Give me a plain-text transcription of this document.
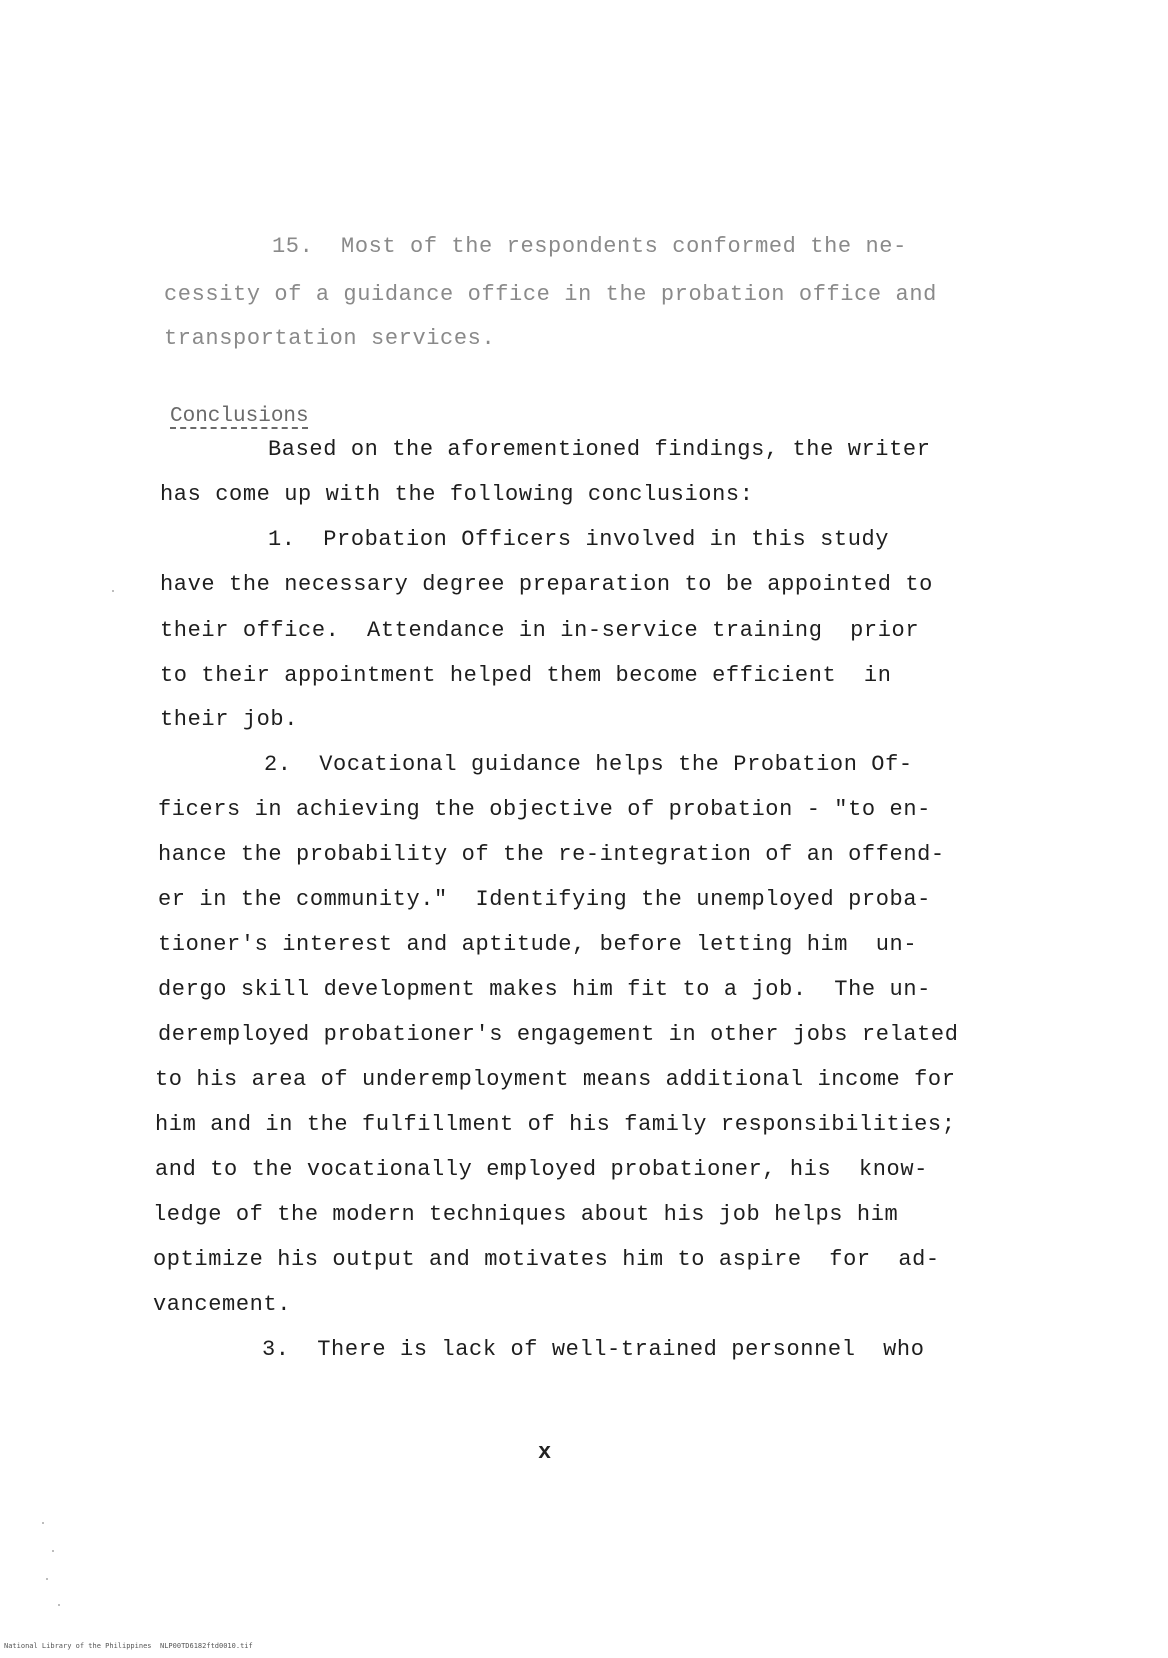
15.  Most of the respondents conformed the ne-
cessity of a guidance office in the probation office and
transportation services.
Conclusions
Based on the aforementioned findings, the writer
has come up with the following conclusions:
1.  Probation Officers involved in this study
have the necessary degree preparation to be appointed to
their office.  Attendance in in-service training  prior
to their appointment helped them become efficient  in
their job.
2.  Vocational guidance helps the Probation Of-
ficers in achieving the objective of probation - "to en-
hance the probability of the re-integration of an offend-
er in the community."  Identifying the unemployed proba-
tioner's interest and aptitude, before letting him  un-
dergo skill development makes him fit to a job.  The un-
deremployed probationer's engagement in other jobs related
to his area of underemployment means additional income for
him and in the fulfillment of his family responsibilities;
and to the vocationally employed probationer, his  know-
ledge of the modern techniques about his job helps him
optimize his output and motivates him to aspire  for  ad-
vancement.
3.  There is lack of well-trained personnel  who
x
National Library of the Philippines NLP00TD6182ftd0010.tif
